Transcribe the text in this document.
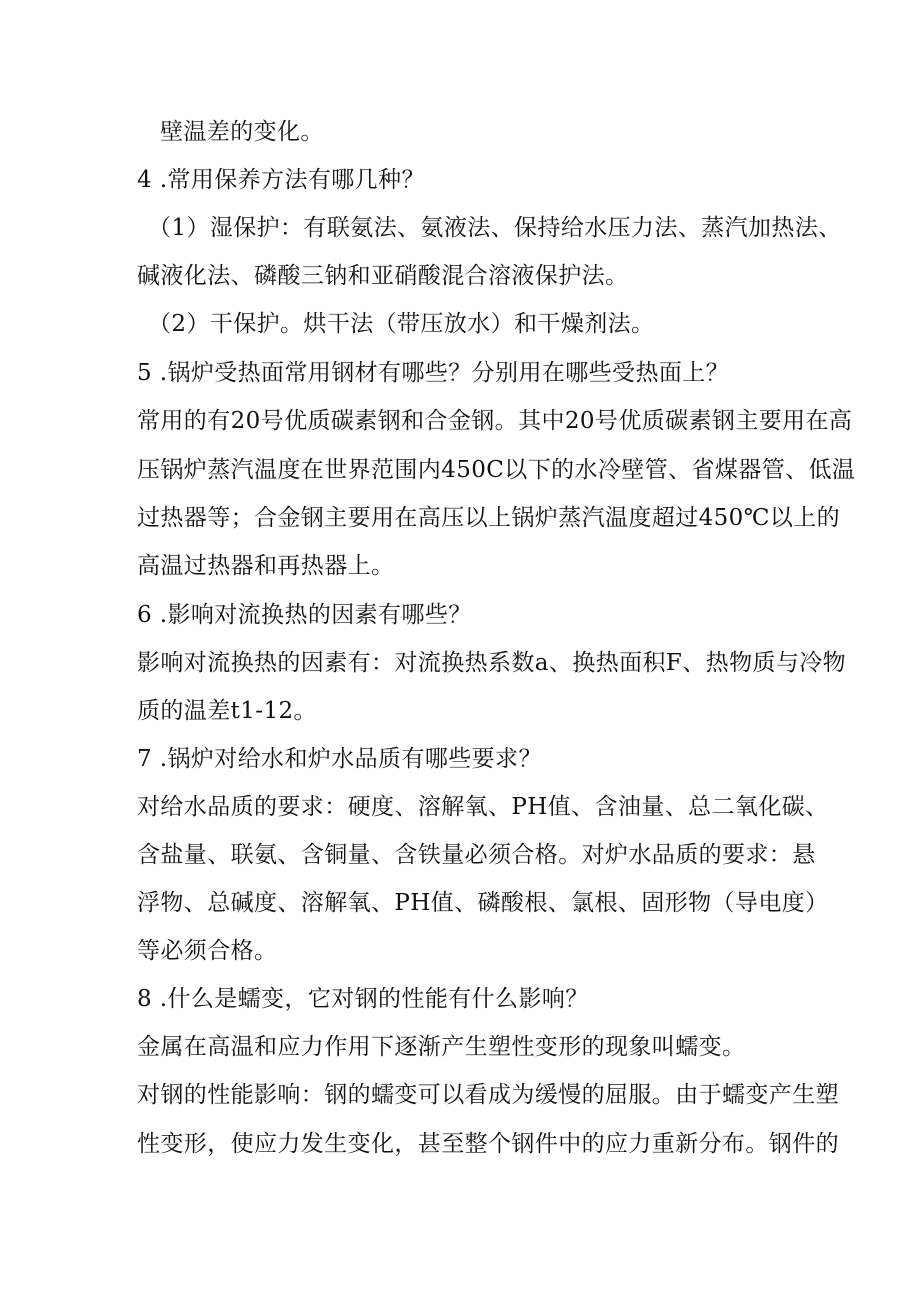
壁温差的变化。
4 .常用保养方法有哪几种？
（1）湿保护：有联氨法、氨液法、保持给水压力法、蒸汽加热法、
碱液化法、磷酸三钠和亚硝酸混合溶液保护法。
（2）干保护。烘干法（带压放水）和干燥剂法。
5 .锅炉受热面常用钢材有哪些？分别用在哪些受热面上？
常用的有20号优质碳素钢和合金钢。其中20号优质碳素钢主要用在高
压锅炉蒸汽温度在世界范围内450C以下的水冷壁管、省煤器管、低温
过热器等；合金钢主要用在高压以上锅炉蒸汽温度超过450℃以上的
高温过热器和再热器上。
6 .影响对流换热的因素有哪些？
影响对流换热的因素有：对流换热系数a、换热面积F、热物质与冷物
质的温差t1-12。
7 .锅炉对给水和炉水品质有哪些要求？
对给水品质的要求：硬度、溶解氧、PH值、含油量、总二氧化碳、
含盐量、联氨、含铜量、含铁量必须合格。对炉水品质的要求：悬
浮物、总碱度、溶解氧、PH值、磷酸根、氯根、固形物（导电度）
等必须合格。
8 .什么是蠕变，它对钢的性能有什么影响？
金属在高温和应力作用下逐渐产生塑性变形的现象叫蠕变。
对钢的性能影响：钢的蠕变可以看成为缓慢的屈服。由于蠕变产生塑
性变形，使应力发生变化，甚至整个钢件中的应力重新分布。钢件的
